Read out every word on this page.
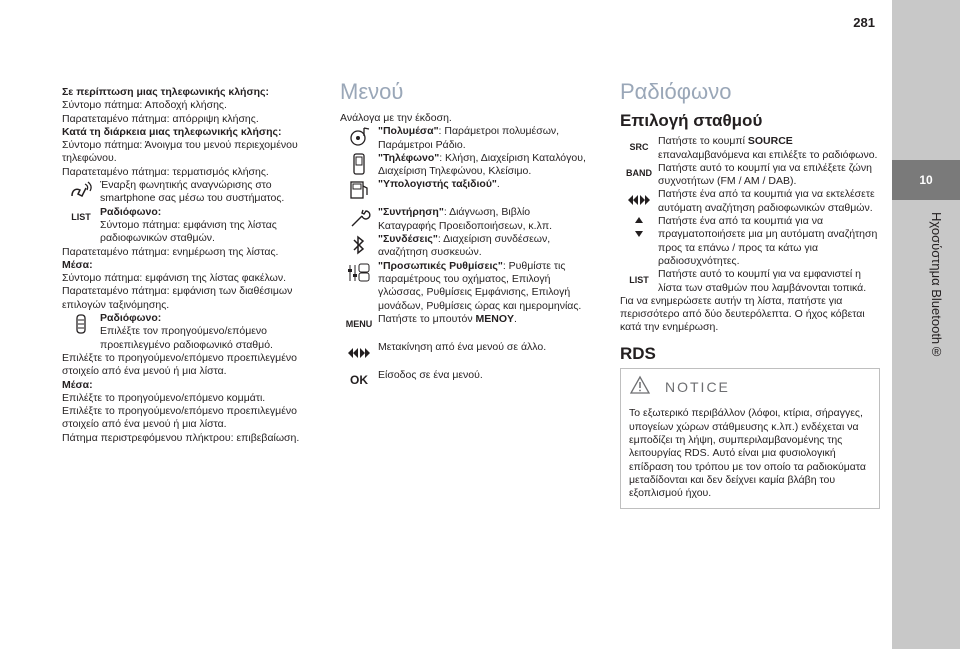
281
10
Ηχοσύστημα Bluetooth®

Σε περίπτωση μιας τηλεφωνικής κλήσης:

Σύντομο πάτημα: Αποδοχή κλήσης.

Παρατεταμένο πάτημα: απόρριψη κλήσης.

Κατά τη διάρκεια μιας τηλεφωνικής κλήσης:

Σύντομο πάτημα: Άνοιγμα του μενού περιεχομένου τηλεφώνου.

Παρατεταμένο πάτημα: τερματισμός κλήσης.

Έναρξη φωνητικής αναγνώρισης στο smartphone σας μέσω του συστήματος.
LIST Ραδιόφωνο:
Σύντομο πάτημα: εμφάνιση της λίστας ραδιοφωνικών σταθμών.

Παρατεταμένο πάτημα: ενημέρωση της λίστας.

Μέσα:

Σύντομο πάτημα: εμφάνιση της λίστας φακέλων.

Παρατεταμένο πάτημα: εμφάνιση των διαθέσιμων επιλογών ταξινόμησης.

Ραδιόφωνο:
Επιλέξτε τον προηγούμενο/επόμενο προεπιλεγμένο ραδιοφωνικό σταθμό.

Επιλέξτε το προηγούμενο/επόμενο προεπιλεγμένο στοιχείο από ένα μενού ή μια λίστα.

Μέσα:

Επιλέξτε το προηγούμενο/επόμενο κομμάτι.

Επιλέξτε το προηγούμενο/επόμενο προεπιλεγμένο στοιχείο από ένα μενού ή μια λίστα.

Πάτημα περιστρεφόμενου πλήκτρου: επιβεβαίωση.

Μενού

Ανάλογα με την έκδοση.

"Πολυμέσα": Παράμετροι πολυμέσων, Παράμετροι Ράδιο.
"Τηλέφωνο": Κλήση, Διαχείριση Καταλόγου, Διαχείριση Τηλεφώνου, Κλείσιμο.
"Υπολογιστής ταξιδιού".
"Συντήρηση": Διάγνωση, Βιβλίο Καταγραφής Προειδοποιήσεων, κ.λπ.
"Συνδέσεις": Διαχείριση συνδέσεων, αναζήτηση συσκευών.
"Προσωπικές Ρυθμίσεις": Ρυθμίστε τις παραμέτρους του οχήματος, Επιλογή γλώσσας, Ρυθμίσεις Εμφάνισης, Επιλογή μονάδων, Ρυθμίσεις ώρας και ημερομηνίας.
MENU Πατήστε το μπουτόν MENOY.
Μετακίνηση από ένα μενού σε άλλο.
OK Είσοδος σε ένα μενού.
Ραδιόφωνο
Επιλογή σταθμού
SRC Πατήστε το κουμπί SOURCE επαναλαμβανόμενα και επιλέξτε το ραδιόφωνο.
BAND Πατήστε αυτό το κουμπί για να επιλέξετε ζώνη συχνοτήτων (FM / AM / DAB).
Πατήστε ένα από τα κουμπιά για να εκτελέσετε αυτόματη αναζήτηση ραδιοφωνικών σταθμών.
Πατήστε ένα από τα κουμπιά για να πραγματοποιήσετε μια μη αυτόματη αναζήτηση προς τα επάνω / προς τα κάτω για ραδιοσυχνότητες.
LIST Πατήστε αυτό το κουμπί για να εμφανιστεί η λίστα των σταθμών που λαμβάνονται τοπικά.

Για να ενημερώσετε αυτήν τη λίστα, πατήστε για περισσότερο από δύο δευτερόλεπτα. Ο ήχος κόβεται κατά την ενημέρωση.

RDS
NOTICE
Το εξωτερικό περιβάλλον (λόφοι, κτίρια, σήραγγες, υπογείων χώρων στάθμευσης κ.λπ.) ενδέχεται να εμποδίζει τη λήψη, συμπεριλαμβανομένης της λειτουργίας RDS. Αυτό είναι μια φυσιολογική επίδραση του τρόπου με τον οποίο τα ραδιοκύματα μεταδίδονται και δεν δείχνει καμία βλάβη του εξοπλισμού ήχου.
